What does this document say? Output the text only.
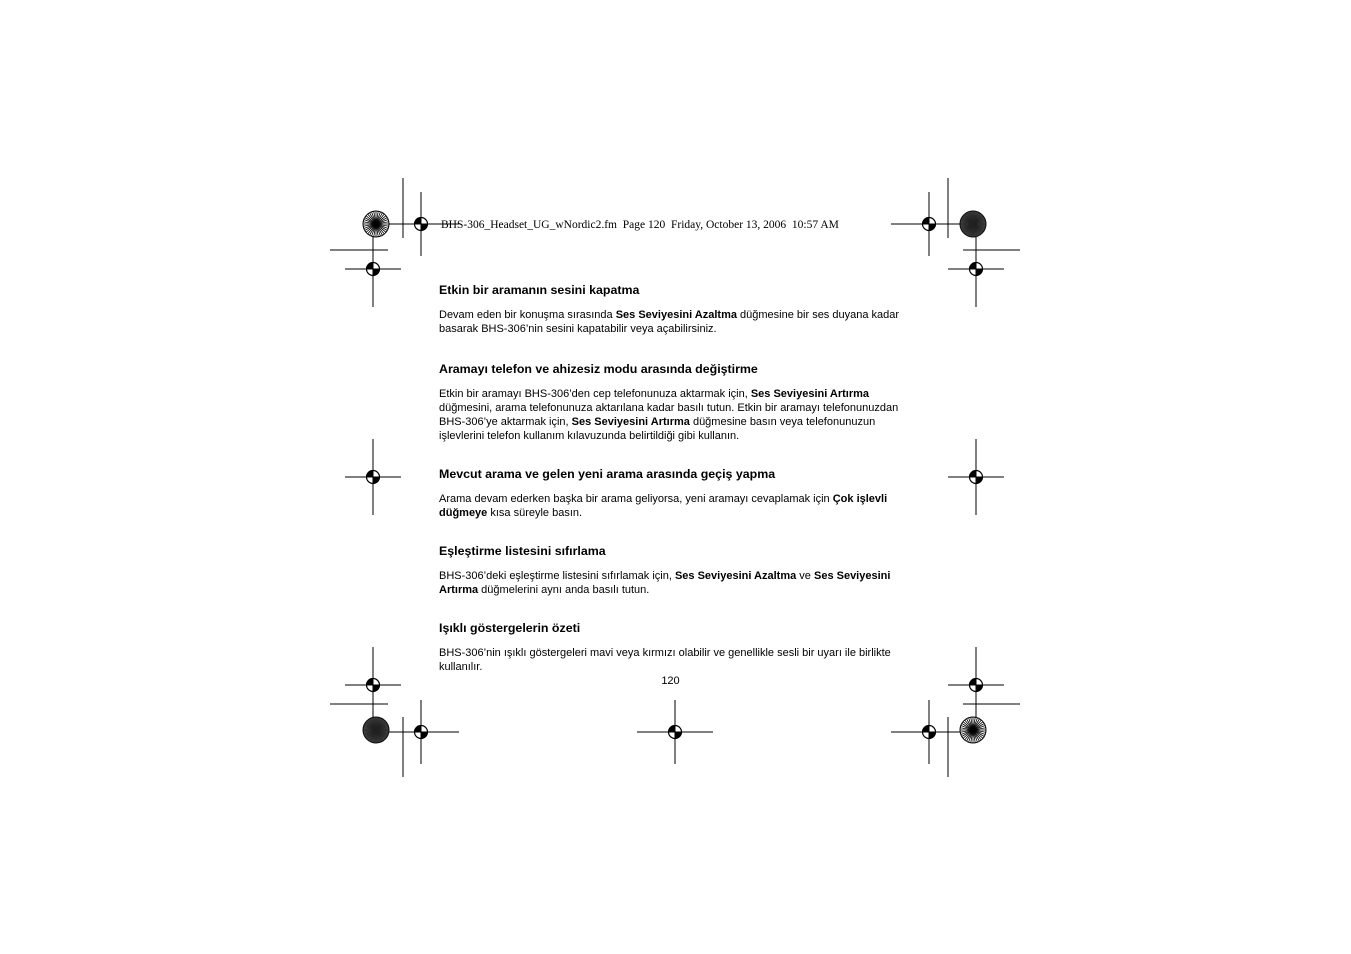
BHS-306_Headset_UG_wNordic2.fm  Page 120  Friday, October 13, 2006  10:57 AM
Etkin bir aramanın sesini kapatma

Devam eden bir konuşma sırasında Ses Seviyesini Azaltma düğmesine bir ses duyana kadar basarak BHS-306’nin sesini kapatabilir veya açabilirsiniz.

Aramayı telefon ve ahizesiz modu arasında değiştirme

Etkin bir aramayı BHS-306’den cep telefonunuza aktarmak için, Ses Seviyesini Artırma düğmesini, arama telefonunuza aktarılana kadar basılı tutun. Etkin bir aramayı telefonunuzdan BHS-306’ye aktarmak için, Ses Seviyesini Artırma düğmesine basın veya telefonunuzun işlevlerini telefon kullanım kılavuzunda belirtildiği gibi kullanın.

Mevcut arama ve gelen yeni arama arasında geçiş yapma

Arama devam ederken başka bir arama geliyorsa, yeni aramayı cevaplamak için Çok işlevli düğmeye kısa süreyle basın.

Eşleştirme listesini sıfırlama

BHS-306’deki eşleştirme listesini sıfırlamak için, Ses Seviyesini Azaltma ve Ses Seviyesini Artırma düğmelerini aynı anda basılı tutun.

Işıklı göstergelerin özeti

BHS-306’nin ışıklı göstergeleri mavi veya kırmızı olabilir ve genellikle sesli bir uyarı ile birlikte kullanılır.

120
